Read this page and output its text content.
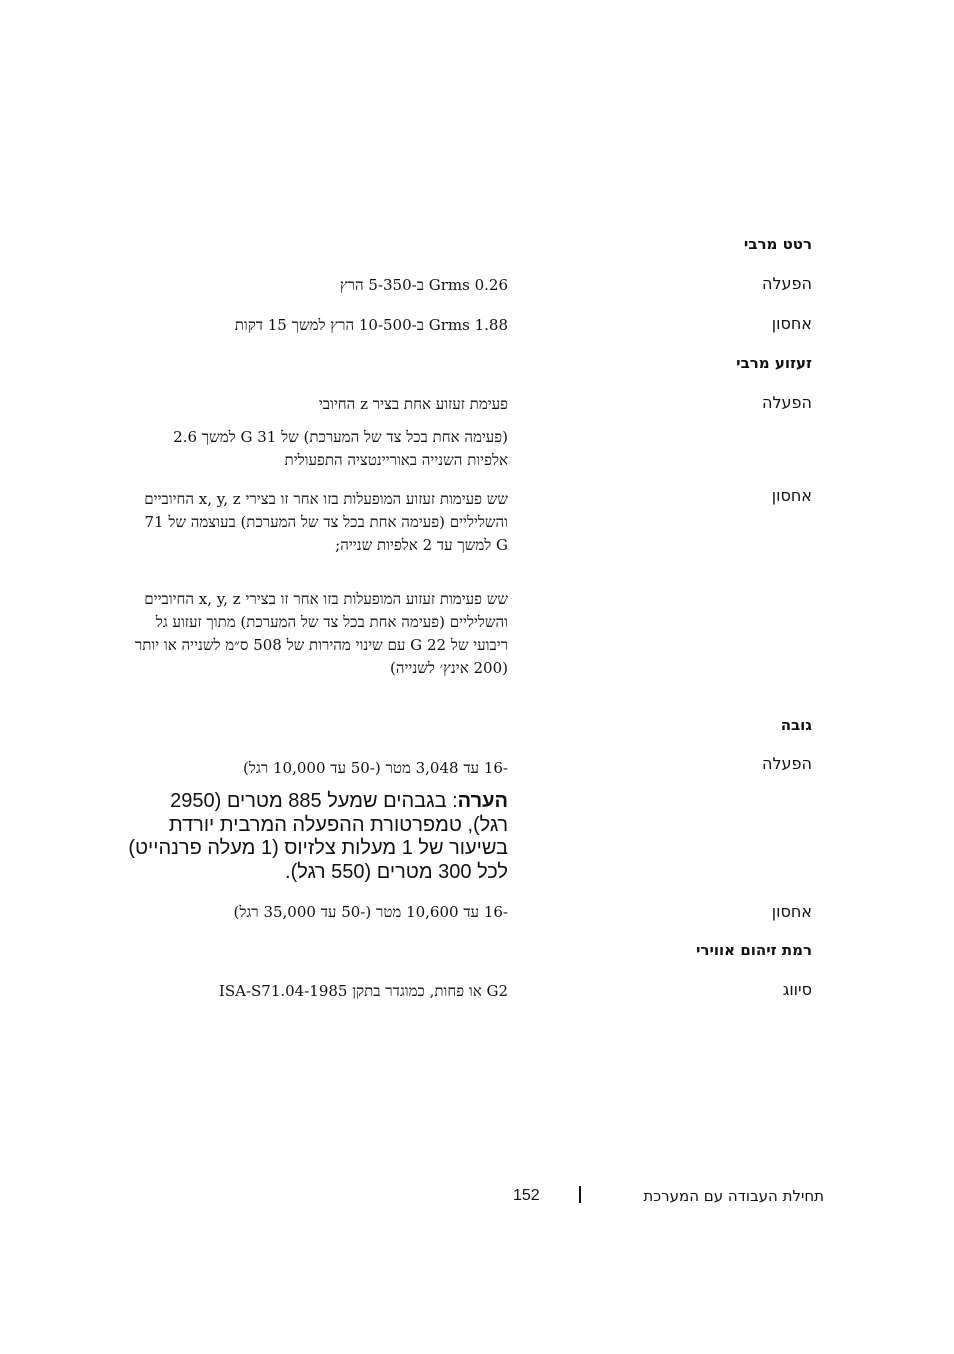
רטט מרבי
הפעלה
0.26 Grms ב-5-350 הרץ
אחסון
1.88 Grms ב-10-500 הרץ למשך 15 דקות
זעזוע מרבי
הפעלה
פעימת זעזוע אחת בציר z החיובי
(פעימה אחת בכל צד של המערכת) של 31 G למשך 2.6 אלפיות השנייה באוריינטציה התפעולית
אחסון
שש פעימות זעזוע המופעלות בזו אחר זו בצירי x, y, z החיוביים והשליליים (פעימה אחת בכל צד של המערכת) בעוצמה של 71 G למשך עד 2 אלפיות שנייה;
שש פעימות זעזוע המופעלות בזו אחר זו בצירי x, y, z החיוביים והשליליים (פעימה אחת בכל צד של המערכת) מתוך זעזוע גל ריבועי של 22 G עם שינוי מהירות של 508 ס״מ לשנייה או יותר (200 אינץ׳ לשנייה)
גובה
הפעלה
-16 עד 3,048 מטר (-50 עד 10,000 רגל)
הערה: בגבהים שמעל 885 מטרים (2950 רגל), טמפרטורת ההפעלה המרבית יורדת בשיעור של 1 מעלות צלזיוס (1 מעלה פרנהייט) לכל 300 מטרים (550 רגל).
אחסון
-16 עד 10,600 מטר (-50 עד 35,000 רגל)
רמת זיהום אווירי
סיווג
G2 או פחות, כמוגדר בתקן ISA-S71.04-1985
תחילת העבודה עם המערכת
152
